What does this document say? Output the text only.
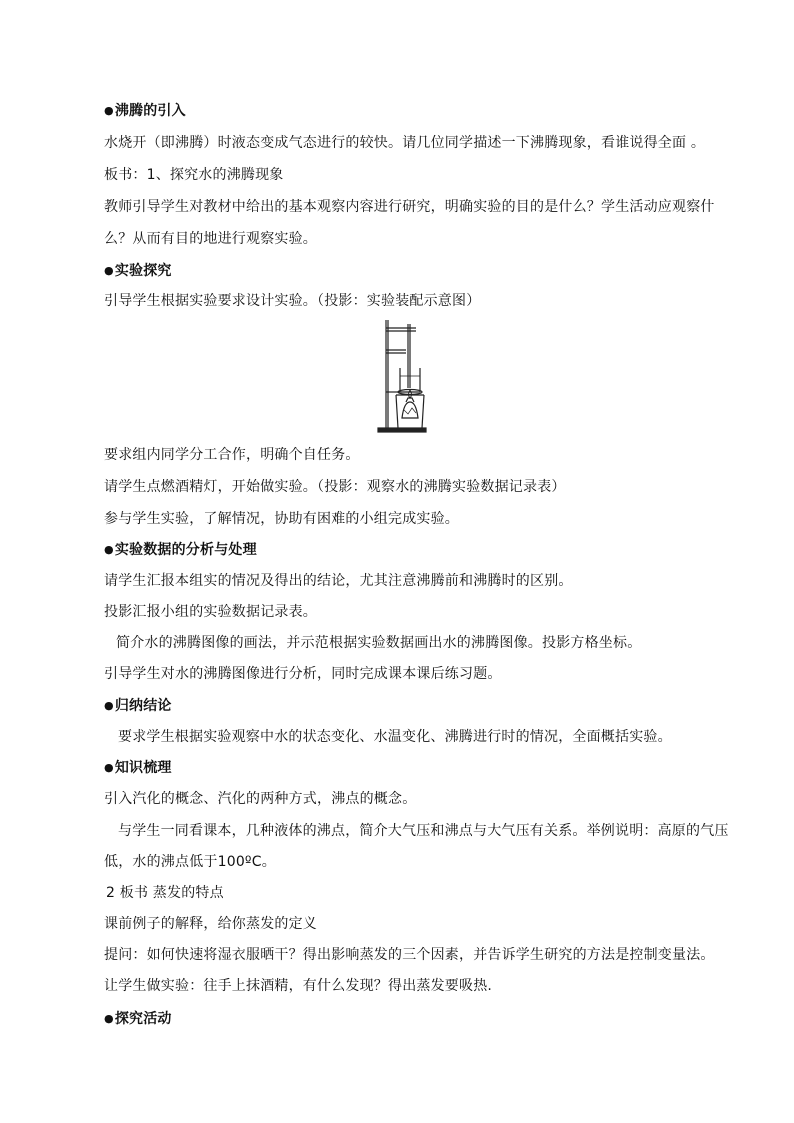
● 沸腾的引入
水烧开（即沸腾）时液态变成气态进行的较快。请几位同学描述一下沸腾现象，看谁说得全面 。
板书：1、探究水的沸腾现象
教师引导学生对教材中给出的基本观察内容进行研究，明确实验的目的是什么？学生活动应观察什
么？从而有目的地进行观察实验。
● 实验探究
引导学生根据实验要求设计实验。（投影：实验装配示意图）
要求组内同学分工合作，明确个自任务。
请学生点燃酒精灯，开始做实验。（投影：观察水的沸腾实验数据记录表）
参与学生实验，了解情况，协助有困难的小组完成实验。
● 实验数据的分析与处理
请学生汇报本组实的情况及得出的结论，尤其注意沸腾前和沸腾时的区别。
投影汇报小组的实验数据记录表。
简介水的沸腾图像的画法，并示范根据实验数据画出水的沸腾图像。投影方格坐标。
引导学生对水的沸腾图像进行分析，同时完成课本课后练习题。
● 归纳结论
要求学生根据实验观察中水的状态变化、水温变化、沸腾进行时的情况，全面概括实验。
● 知识梳理
引入汽化的概念、汽化的两种方式，沸点的概念。
与学生一同看课本，几种液体的沸点，简介大气压和沸点与大气压有关系。举例说明：高原的气压
低，水的沸点低于100ºC。
2 板书 蒸发的特点
课前例子的解释，给你蒸发的定义
提问：如何快速将湿衣服晒干？得出影响蒸发的三个因素，并告诉学生研究的方法是控制变量法。
让学生做实验：往手上抹酒精，有什么发现？得出蒸发要吸热.
● 探究活动
